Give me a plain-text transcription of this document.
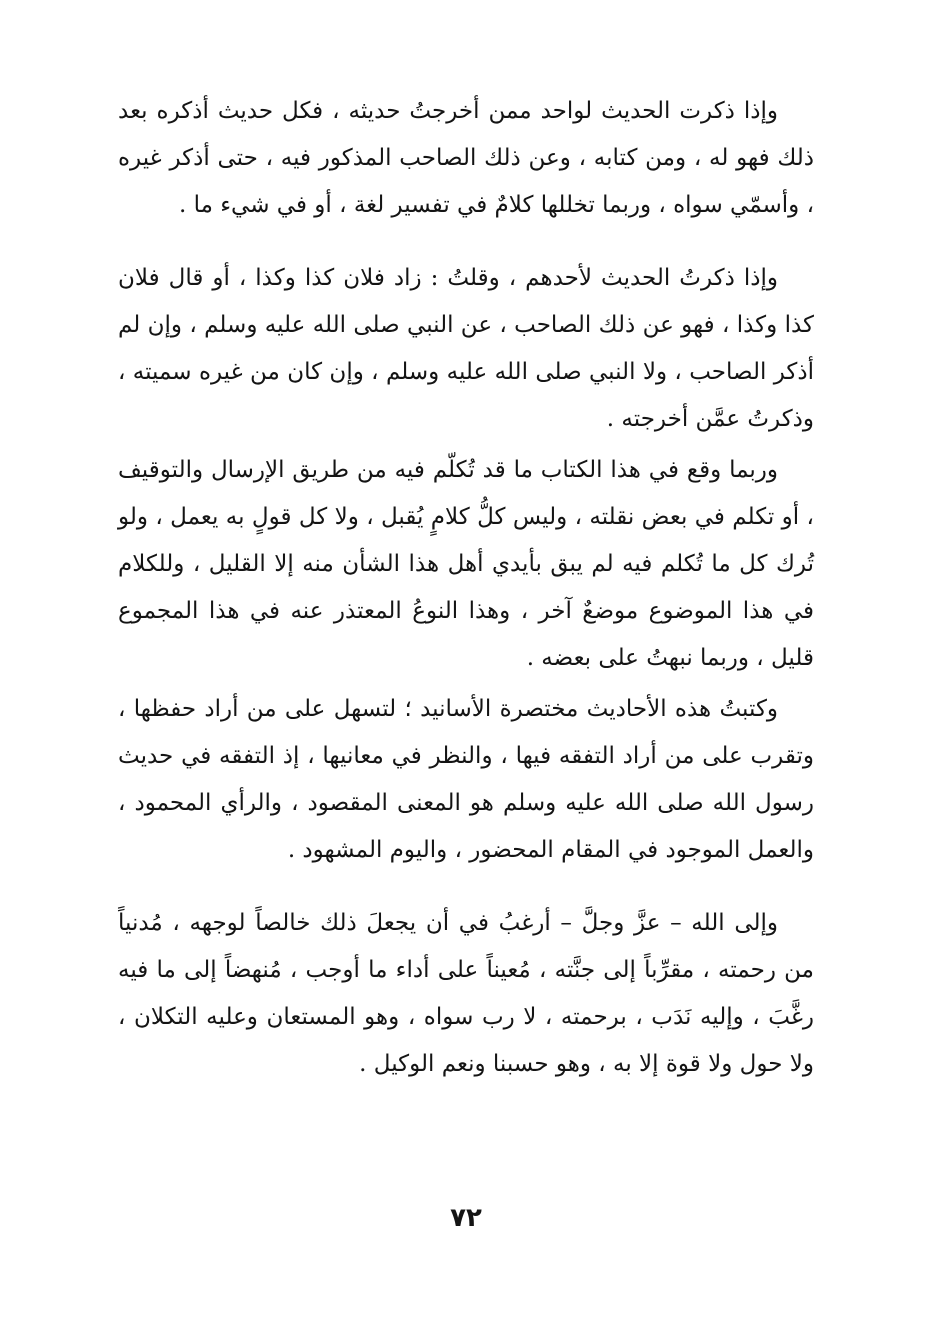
وإذا ذكرت الحديث لواحد ممن أخرجتُ حديثه ، فكل حديث أذكره بعد ذلك فهو له ، ومن كتابه ، وعن ذلك الصاحب المذكور فيه ، حتى أذكر غيره ، وأسمّي سواه ، وربما تخللها كلامٌ في تفسير لغة ، أو في شيء ما .

وإذا ذكرتُ الحديث لأحدهم ، وقلتُ : زاد فلان كذا وكذا ، أو قال فلان كذا وكذا ، فهو عن ذلك الصاحب ، عن النبي صلى الله عليه وسلم ، وإن لم أذكر الصاحب ، ولا النبي صلى الله عليه وسلم ، وإن كان من غيره سميته ، وذكرتُ عمَّن أخرجته .

وربما وقع في هذا الكتاب ما قد تُكلّم فيه من طريق الإرسال والتوقيف ، أو تكلم في بعض نقلته ، وليس كلُّ كلامٍ يُقبل ، ولا كل قولٍ به يعمل ، ولو تُرك كل ما تُكلم فيه لم يبق بأيدي أهل هذا الشأن منه إلا القليل ، وللكلام في هذا الموضوع موضعٌ آخر ، وهذا النوعُ المعتذر عنه في هذا المجموع قليل ، وربما نبهتُ على بعضه .

وكتبتُ هذه الأحاديث مختصرة الأسانيد ؛ لتسهل على من أراد حفظها ، وتقرب على من أراد التفقه فيها ، والنظر في معانيها ، إذ التفقه في حديث رسول الله صلى الله عليه وسلم هو المعنى المقصود ، والرأي المحمود ، والعمل الموجود في المقام المحضور ، واليوم المشهود .

وإلى الله – عزَّ وجلَّ – أرغبُ في أن يجعلَ ذلك خالصاً لوجهه ، مُدنياً من رحمته ، مقرِّباً إلى جنَّته ، مُعيناً على أداء ما أوجب ، مُنهضاً إلى ما فيه رغَّبَ ، وإليه نَدَب ، برحمته ، لا رب سواه ، وهو المستعان وعليه التكلان ، ولا حول ولا قوة إلا به ، وهو حسبنا ونعم الوكيل .

٧٢
